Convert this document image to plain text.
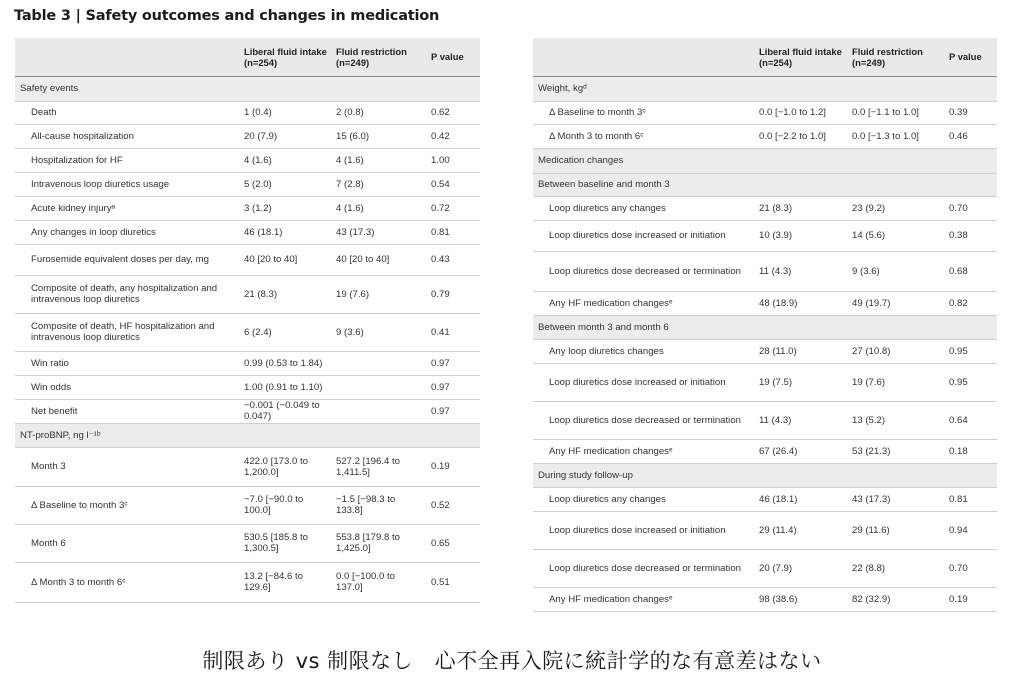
Table 3 | Safety outcomes and changes in medication
	Liberal fluid intake (n=254)	Fluid restriction (n=249)	P value
Safety events			
Death	1 (0.4)	2 (0.8)	0.62
All-cause hospitalization	20 (7.9)	15 (6.0)	0.42
Hospitalization for HF	4 (1.6)	4 (1.6)	1.00
Intravenous loop diuretics usage	5 (2.0)	7 (2.8)	0.54
Acute kidney injuryᵃ	3 (1.2)	4 (1.6)	0.72
Any changes in loop diuretics	46 (18.1)	43 (17.3)	0.81
Furosemide equivalent doses per day, mg	40 [20 to 40]	40 [20 to 40]	0.43
Composite of death, any hospitalization and intravenous loop diuretics	21 (8.3)	19 (7.6)	0.79
Composite of death, HF hospitalization and intravenous loop diuretics	6 (2.4)	9 (3.6)	0.41
Win ratio	0.99 (0.53 to 1.84)		0.97
Win odds	1.00 (0.91 to 1.10)		0.97
Net benefit	−0.001 (−0.049 to 0.047)		0.97
NT-proBNP, ng l⁻¹ᵇ			
Month 3	422.0 [173.0 to 1,200.0]	527.2 [196.4 to 1,411.5]	0.19
Δ Baseline to month 3ᶜ	−7.0 [−90.0 to 100.0]	−1.5 [−98.3 to 133.8]	0.52
Month 6	530.5 [185.8 to 1,300.5]	553.8 [179.8 to 1,425.0]	0.65
Δ Month 3 to month 6ᶜ	13.2 [−84.6 to 129.6]	0.0 [−100.0 to 137.0]	0.51
	Liberal fluid intake (n=254)	Fluid restriction (n=249)	P value
Weight, kgᵈ			
Δ Baseline to month 3ᶜ	0.0 [−1.0 to 1.2]	0.0 [−1.1 to 1.0]	0.39
Δ Month 3 to month 6ᶜ	0.0 [−2.2 to 1.0]	0.0 [−1.3 to 1.0]	0.46
Medication changes			
Between baseline and month 3			
Loop diuretics any changes	21 (8.3)	23 (9.2)	0.70
Loop diuretics dose increased or initiation	10 (3.9)	14 (5.6)	0.38
Loop diuretics dose decreased or termination	11 (4.3)	9 (3.6)	0.68
Any HF medication changesᵉ	48 (18.9)	49 (19.7)	0.82
Between month 3 and month 6			
Any loop diuretics changes	28 (11.0)	27 (10.8)	0.95
Loop diuretics dose increased or initiation	19 (7.5)	19 (7.6)	0.95
Loop diuretics dose decreased or termination	11 (4.3)	13 (5.2)	0.64
Any HF medication changesᵉ	67 (26.4)	53 (21.3)	0.18
During study follow-up			
Loop diuretics any changes	46 (18.1)	43 (17.3)	0.81
Loop diuretics dose increased or initiation	29 (11.4)	29 (11.6)	0.94
Loop diuretics dose decreased or termination	20 (7.9)	22 (8.8)	0.70
Any HF medication changesᵉ	98 (38.6)	82 (32.9)	0.19
制限あり vs 制限なし　心不全再入院に統計学的な有意差はない
